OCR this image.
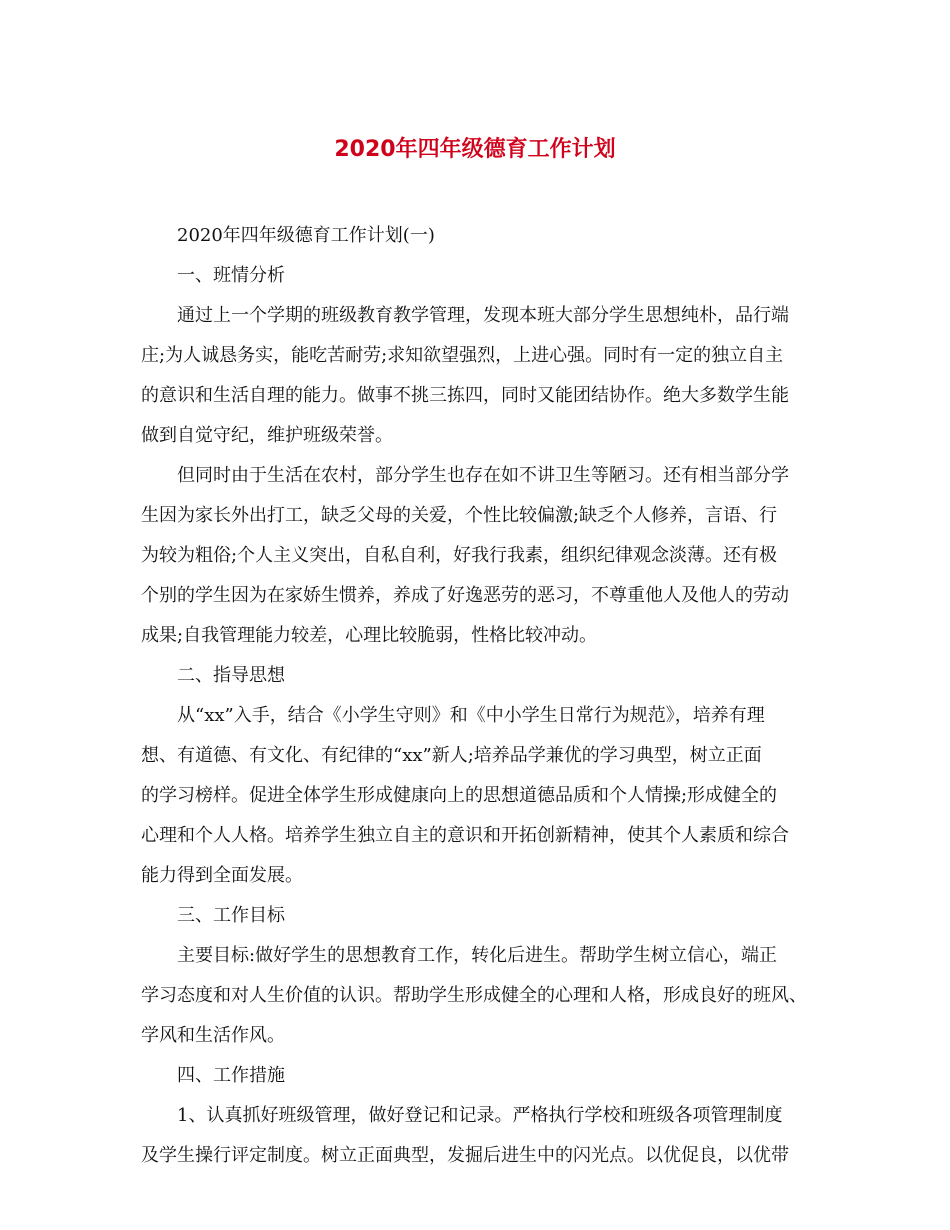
2020年四年级德育工作计划
2020年四年级德育工作计划(一)
一、班情分析
通过上一个学期的班级教育教学管理，发现本班大部分学生思想纯朴，品行端
庄;为人诚恳务实，能吃苦耐劳;求知欲望强烈，上进心强。同时有一定的独立自主
的意识和生活自理的能力。做事不挑三拣四，同时又能团结协作。绝大多数学生能
做到自觉守纪，维护班级荣誉。
但同时由于生活在农村，部分学生也存在如不讲卫生等陋习。还有相当部分学
生因为家长外出打工，缺乏父母的关爱，个性比较偏激;缺乏个人修养，言语、行
为较为粗俗;个人主义突出，自私自利，好我行我素，组织纪律观念淡薄。还有极
个别的学生因为在家娇生惯养，养成了好逸恶劳的恶习，不尊重他人及他人的劳动
成果;自我管理能力较差，心理比较脆弱，性格比较冲动。
二、指导思想
从“xx”入手，结合《小学生守则》和《中小学生日常行为规范》，培养有理
想、有道德、有文化、有纪律的“xx”新人;培养品学兼优的学习典型，树立正面
的学习榜样。促进全体学生形成健康向上的思想道德品质和个人情操;形成健全的
心理和个人人格。培养学生独立自主的意识和开拓创新精神，使其个人素质和综合
能力得到全面发展。
三、工作目标
主要目标:做好学生的思想教育工作，转化后进生。帮助学生树立信心，端正
学习态度和对人生价值的认识。帮助学生形成健全的心理和人格，形成良好的班风、
学风和生活作风。
四、工作措施
1、认真抓好班级管理，做好登记和记录。严格执行学校和班级各项管理制度
及学生操行评定制度。树立正面典型，发掘后进生中的闪光点。以优促良，以优带
